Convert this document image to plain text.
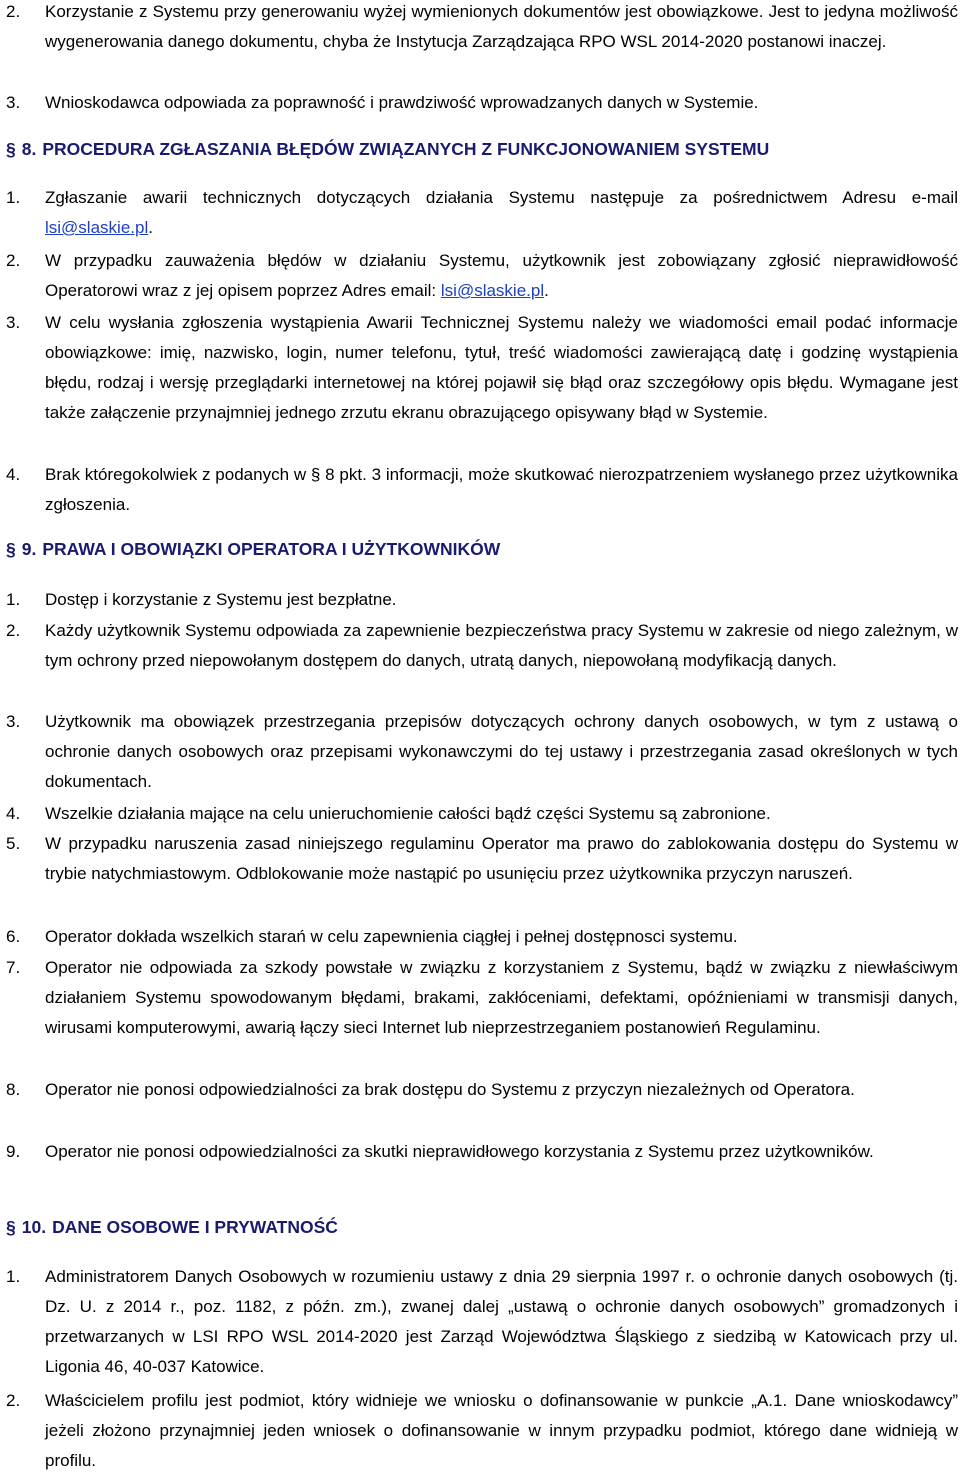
2. Korzystanie z Systemu przy generowaniu wyżej wymienionych dokumentów jest obowiązkowe. Jest to jedyna możliwość wygenerowania danego dokumentu, chyba że Instytucja Zarządzająca RPO WSL 2014-2020 postanowi inaczej.
3. Wnioskodawca odpowiada za poprawność i prawdziwość wprowadzanych danych w Systemie.
§ 8. PROCEDURA ZGŁASZANIA BŁĘDÓW ZWIĄZANYCH Z FUNKCJONOWANIEM SYSTEMU
1. Zgłaszanie awarii technicznych dotyczących działania Systemu następuje za pośrednictwem Adresu e-mail lsi@slaskie.pl.
2. W przypadku zauważenia błędów w działaniu Systemu, użytkownik jest zobowiązany zgłosić nieprawidłowość Operatorowi wraz z jej opisem poprzez Adres email: lsi@slaskie.pl.
3. W celu wysłania zgłoszenia wystąpienia Awarii Technicznej Systemu należy we wiadomości email podać informacje obowiązkowe: imię, nazwisko, login, numer telefonu, tytuł, treść wiadomości zawierającą datę i godzinę wystąpienia błędu, rodzaj i wersję przeglądarki internetowej na której pojawił się błąd oraz szczegółowy opis błędu. Wymagane jest także załączenie przynajmniej jednego zrzutu ekranu obrazującego opisywany błąd w Systemie.
4. Brak któregokolwiek z podanych w § 8 pkt. 3 informacji, może skutkować nierozpatrzeniem wysłanego przez użytkownika zgłoszenia.
§ 9. PRAWA I OBOWIĄZKI OPERATORA I UŻYTKOWNIKÓW
1. Dostęp i korzystanie z Systemu jest bezpłatne.
2. Każdy użytkownik Systemu odpowiada za zapewnienie bezpieczeństwa pracy Systemu w zakresie od niego zależnym, w tym ochrony przed niepowołanym dostępem do danych, utratą danych, niepowołaną modyfikacją danych.
3. Użytkownik ma obowiązek przestrzegania przepisów dotyczących ochrony danych osobowych, w tym z ustawą o ochronie danych osobowych oraz przepisami wykonawczymi do tej ustawy i przestrzegania zasad określonych w tych dokumentach.
4. Wszelkie działania mające na celu unieruchomienie całości bądź części Systemu są zabronione.
5. W przypadku naruszenia zasad niniejszego regulaminu Operator ma prawo do zablokowania dostępu do Systemu w trybie natychmiastowym. Odblokowanie może nastąpić po usunięciu przez użytkownika przyczyn naruszeń.
6. Operator dokłada wszelkich starań w celu zapewnienia ciągłej i pełnej dostępnosci systemu.
7. Operator nie odpowiada za szkody powstałe w związku z korzystaniem z Systemu, bądź w związku z niewłaściwym działaniem Systemu spowodowanym błędami, brakami, zakłóceniami, defektami, opóźnieniami w transmisji danych, wirusami komputerowymi, awarią łączy sieci Internet lub nieprzestrzeganiem postanowień Regulaminu.
8. Operator nie ponosi odpowiedzialności za brak dostępu do Systemu z przyczyn niezależnych od Operatora.
9. Operator nie ponosi odpowiedzialności za skutki nieprawidłowego korzystania z Systemu przez użytkowników.
§ 10. DANE OSOBOWE I PRYWATNOŚĆ
1. Administratorem Danych Osobowych w rozumieniu ustawy z dnia 29 sierpnia 1997 r. o ochronie danych osobowych (tj. Dz. U. z 2014 r., poz. 1182, z późn. zm.), zwanej dalej „ustawą o ochronie danych osobowych” gromadzonych i przetwarzanych w LSI RPO WSL 2014-2020 jest Zarząd Województwa Śląskiego z siedzibą w Katowicach przy ul. Ligonia 46, 40-037 Katowice.
2. Właścicielem profilu jest podmiot, który widnieje we wniosku o dofinansowanie w punkcie „A.1. Dane wnioskodawcy” jeżeli złożono przynajmniej jeden wniosek o dofinansowanie w innym przypadku podmiot, którego dane widnieją w profilu.
